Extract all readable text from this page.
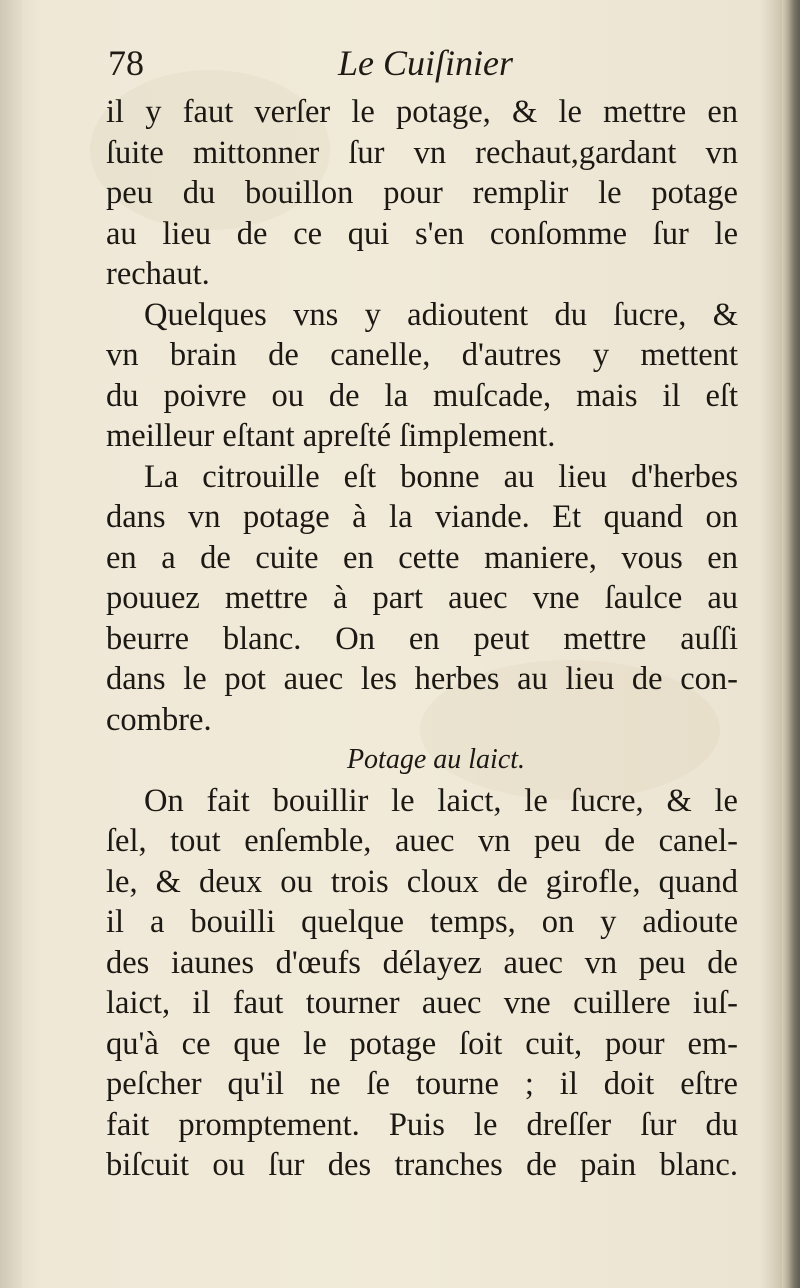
78	Le Cuiſinier
il y faut verſer le potage, & le mettre en
ſuite mittonner ſur vn rechaut,gardant vn
peu du bouillon pour remplir le potage
au lieu de ce qui s'en conſomme ſur le
rechaut.
Quelques vns y adioutent du ſucre, &
vn brain de canelle, d'autres y mettent
du poivre ou de la muſcade, mais il eſt
meilleur eſtant apreſté ſimplement.
La citrouille eſt bonne au lieu d'herbes
dans vn potage à la viande. Et quand on
en a de cuite en cette maniere, vous en
pouuez mettre à part auec vne ſaulce au
beurre blanc. On en peut mettre auſſi
dans le pot auec les herbes au lieu de con-
combre.
Potage au laict.
On fait bouillir le laict, le ſucre, & le
ſel, tout enſemble, auec vn peu de canel-
le, & deux ou trois cloux de girofle, quand
il a bouilli quelque temps, on y adioute
des iaunes d'œufs délayez auec vn peu de
laict, il faut tourner auec vne cuillere iuſ-
qu'à ce que le potage ſoit cuit, pour em-
peſcher qu'il ne ſe tourne ; il doit eſtre
fait promptement. Puis le dreſſer ſur du
biſcuit ou ſur des tranches de pain blanc.
